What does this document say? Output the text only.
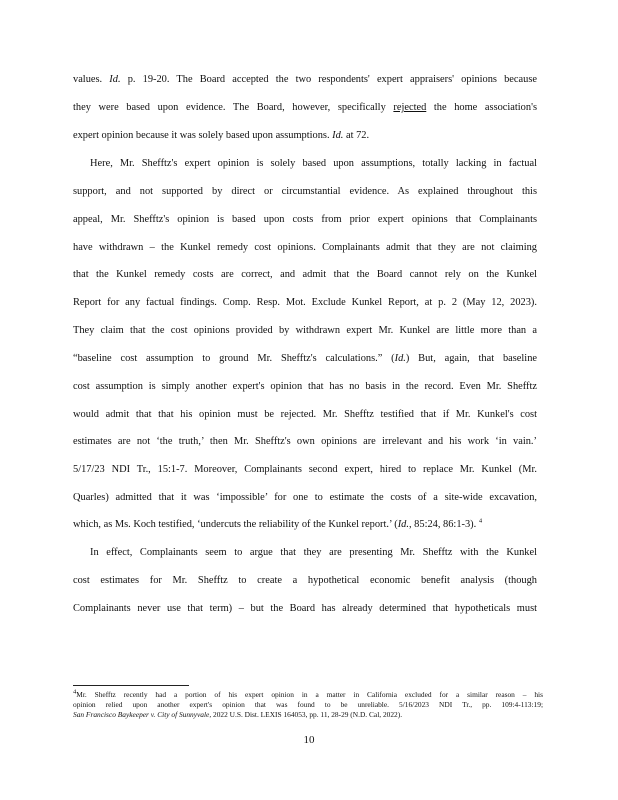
values. Id. p. 19-20. The Board accepted the two respondents' expert appraisers' opinions because
they were based upon evidence. The Board, however, specifically rejected the home association's
expert opinion because it was solely based upon assumptions. Id. at 72.
Here, Mr. Shefftz's expert opinion is solely based upon assumptions, totally lacking in factual
support, and not supported by direct or circumstantial evidence. As explained throughout this
appeal, Mr. Shefftz's opinion is based upon costs from prior expert opinions that Complainants
have withdrawn – the Kunkel remedy cost opinions. Complainants admit that they are not claiming
that the Kunkel remedy costs are correct, and admit that the Board cannot rely on the Kunkel
Report for any factual findings. Comp. Resp. Mot. Exclude Kunkel Report, at p. 2 (May 12, 2023).
They claim that the cost opinions provided by withdrawn expert Mr. Kunkel are little more than a
“baseline cost assumption to ground Mr. Shefftz's calculations.” (Id.) But, again, that baseline
cost assumption is simply another expert's opinion that has no basis in the record. Even Mr. Shefftz
would admit that that his opinion must be rejected. Mr. Shefftz testified that if Mr. Kunkel's cost
estimates are not ‘the truth,’ then Mr. Shefftz's own opinions are irrelevant and his work ‘in vain.’
5/17/23 NDI Tr., 15:1-7. Moreover, Complainants second expert, hired to replace Mr. Kunkel (Mr.
Quarles) admitted that it was ‘impossible’ for one to estimate the costs of a site-wide excavation,
which, as Ms. Koch testified, ‘undercuts the reliability of the Kunkel report.’ (Id., 85:24, 86:1-3). $^4$
In effect, Complainants seem to argue that they are presenting Mr. Shefftz with the Kunkel
cost estimates for Mr. Shefftz to create a hypothetical economic benefit analysis (though
Complainants never use that term) – but the Board has already determined that hypotheticals must
4Mr. Shefftz recently had a portion of his expert opinion in a matter in California excluded for a similar reason – his
opinion relied upon another expert's opinion that was found to be unreliable. 5/16/2023 NDI Tr., pp. 109:4-113:19;
San Francisco Baykeeper v. City of Sunnyvale, 2022 U.S. Dist. LEXIS 164053, pp. 11, 28-29 (N.D. Cal, 2022).
10
